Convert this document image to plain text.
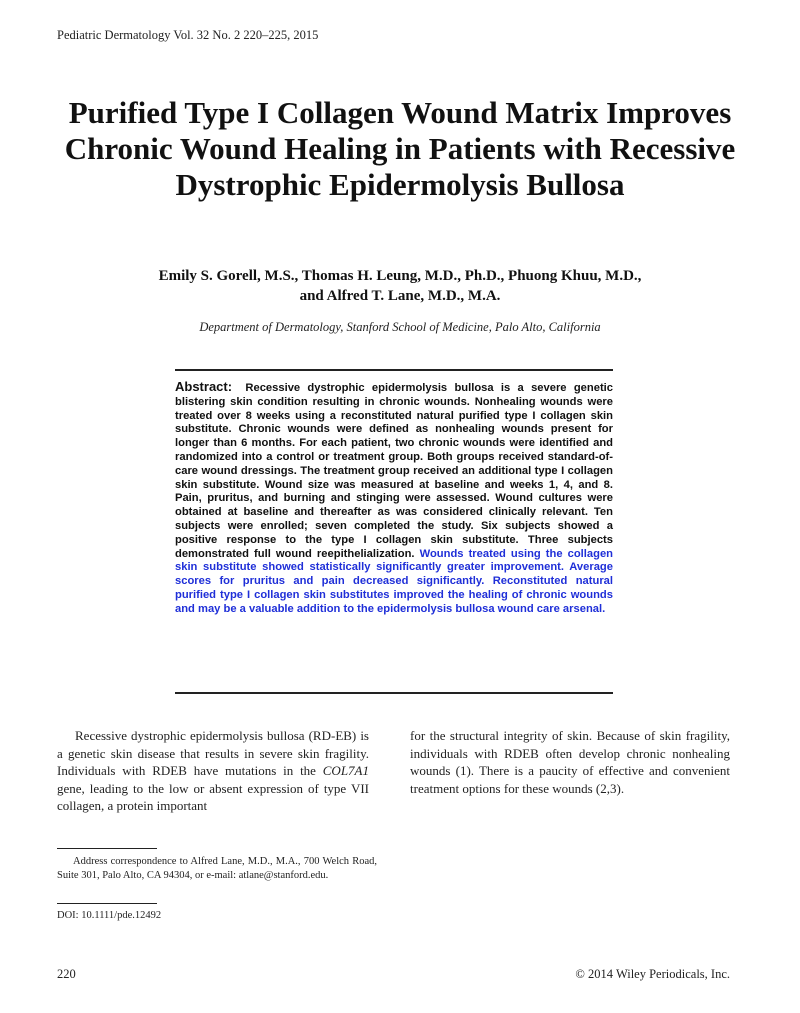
Pediatric Dermatology Vol. 32 No. 2 220–225, 2015
Purified Type I Collagen Wound Matrix Improves Chronic Wound Healing in Patients with Recessive Dystrophic Epidermolysis Bullosa
Emily S. Gorell, M.S., Thomas H. Leung, M.D., Ph.D., Phuong Khuu, M.D.,
and Alfred T. Lane, M.D., M.A.
Department of Dermatology, Stanford School of Medicine, Palo Alto, California
Abstract: Recessive dystrophic epidermolysis bullosa is a severe genetic blistering skin condition resulting in chronic wounds. Nonhealing wounds were treated over 8 weeks using a reconstituted natural purified type I collagen skin substitute. Chronic wounds were defined as nonhealing wounds present for longer than 6 months. For each patient, two chronic wounds were identified and randomized into a control or treatment group. Both groups received standard-of-care wound dressings. The treatment group received an additional type I collagen skin substitute. Wound size was measured at baseline and weeks 1, 4, and 8. Pain, pruritus, and burning and stinging were assessed. Wound cultures were obtained at baseline and thereafter as was considered clinically relevant. Ten subjects were enrolled; seven completed the study. Six subjects showed a positive response to the type I collagen skin substitute. Three subjects demonstrated full wound reepithelialization. Wounds treated using the collagen skin substitute showed statistically significantly greater improvement. Average scores for pruritus and pain decreased significantly. Reconstituted natural purified type I collagen skin substitutes improved the healing of chronic wounds and may be a valuable addition to the epidermolysis bullosa wound care arsenal.
Recessive dystrophic epidermolysis bullosa (RD-EB) is a genetic skin disease that results in severe skin fragility. Individuals with RDEB have mutations in the COL7A1 gene, leading to the low or absent expression of type VII collagen, a protein important
for the structural integrity of skin. Because of skin fragility, individuals with RDEB often develop chronic nonhealing wounds (1). There is a paucity of effective and convenient treatment options for these wounds (2,3).
Address correspondence to Alfred Lane, M.D., M.A., 700 Welch Road, Suite 301, Palo Alto, CA 94304, or e-mail: atlane@stanford.edu.
DOI: 10.1111/pde.12492
220	© 2014 Wiley Periodicals, Inc.
